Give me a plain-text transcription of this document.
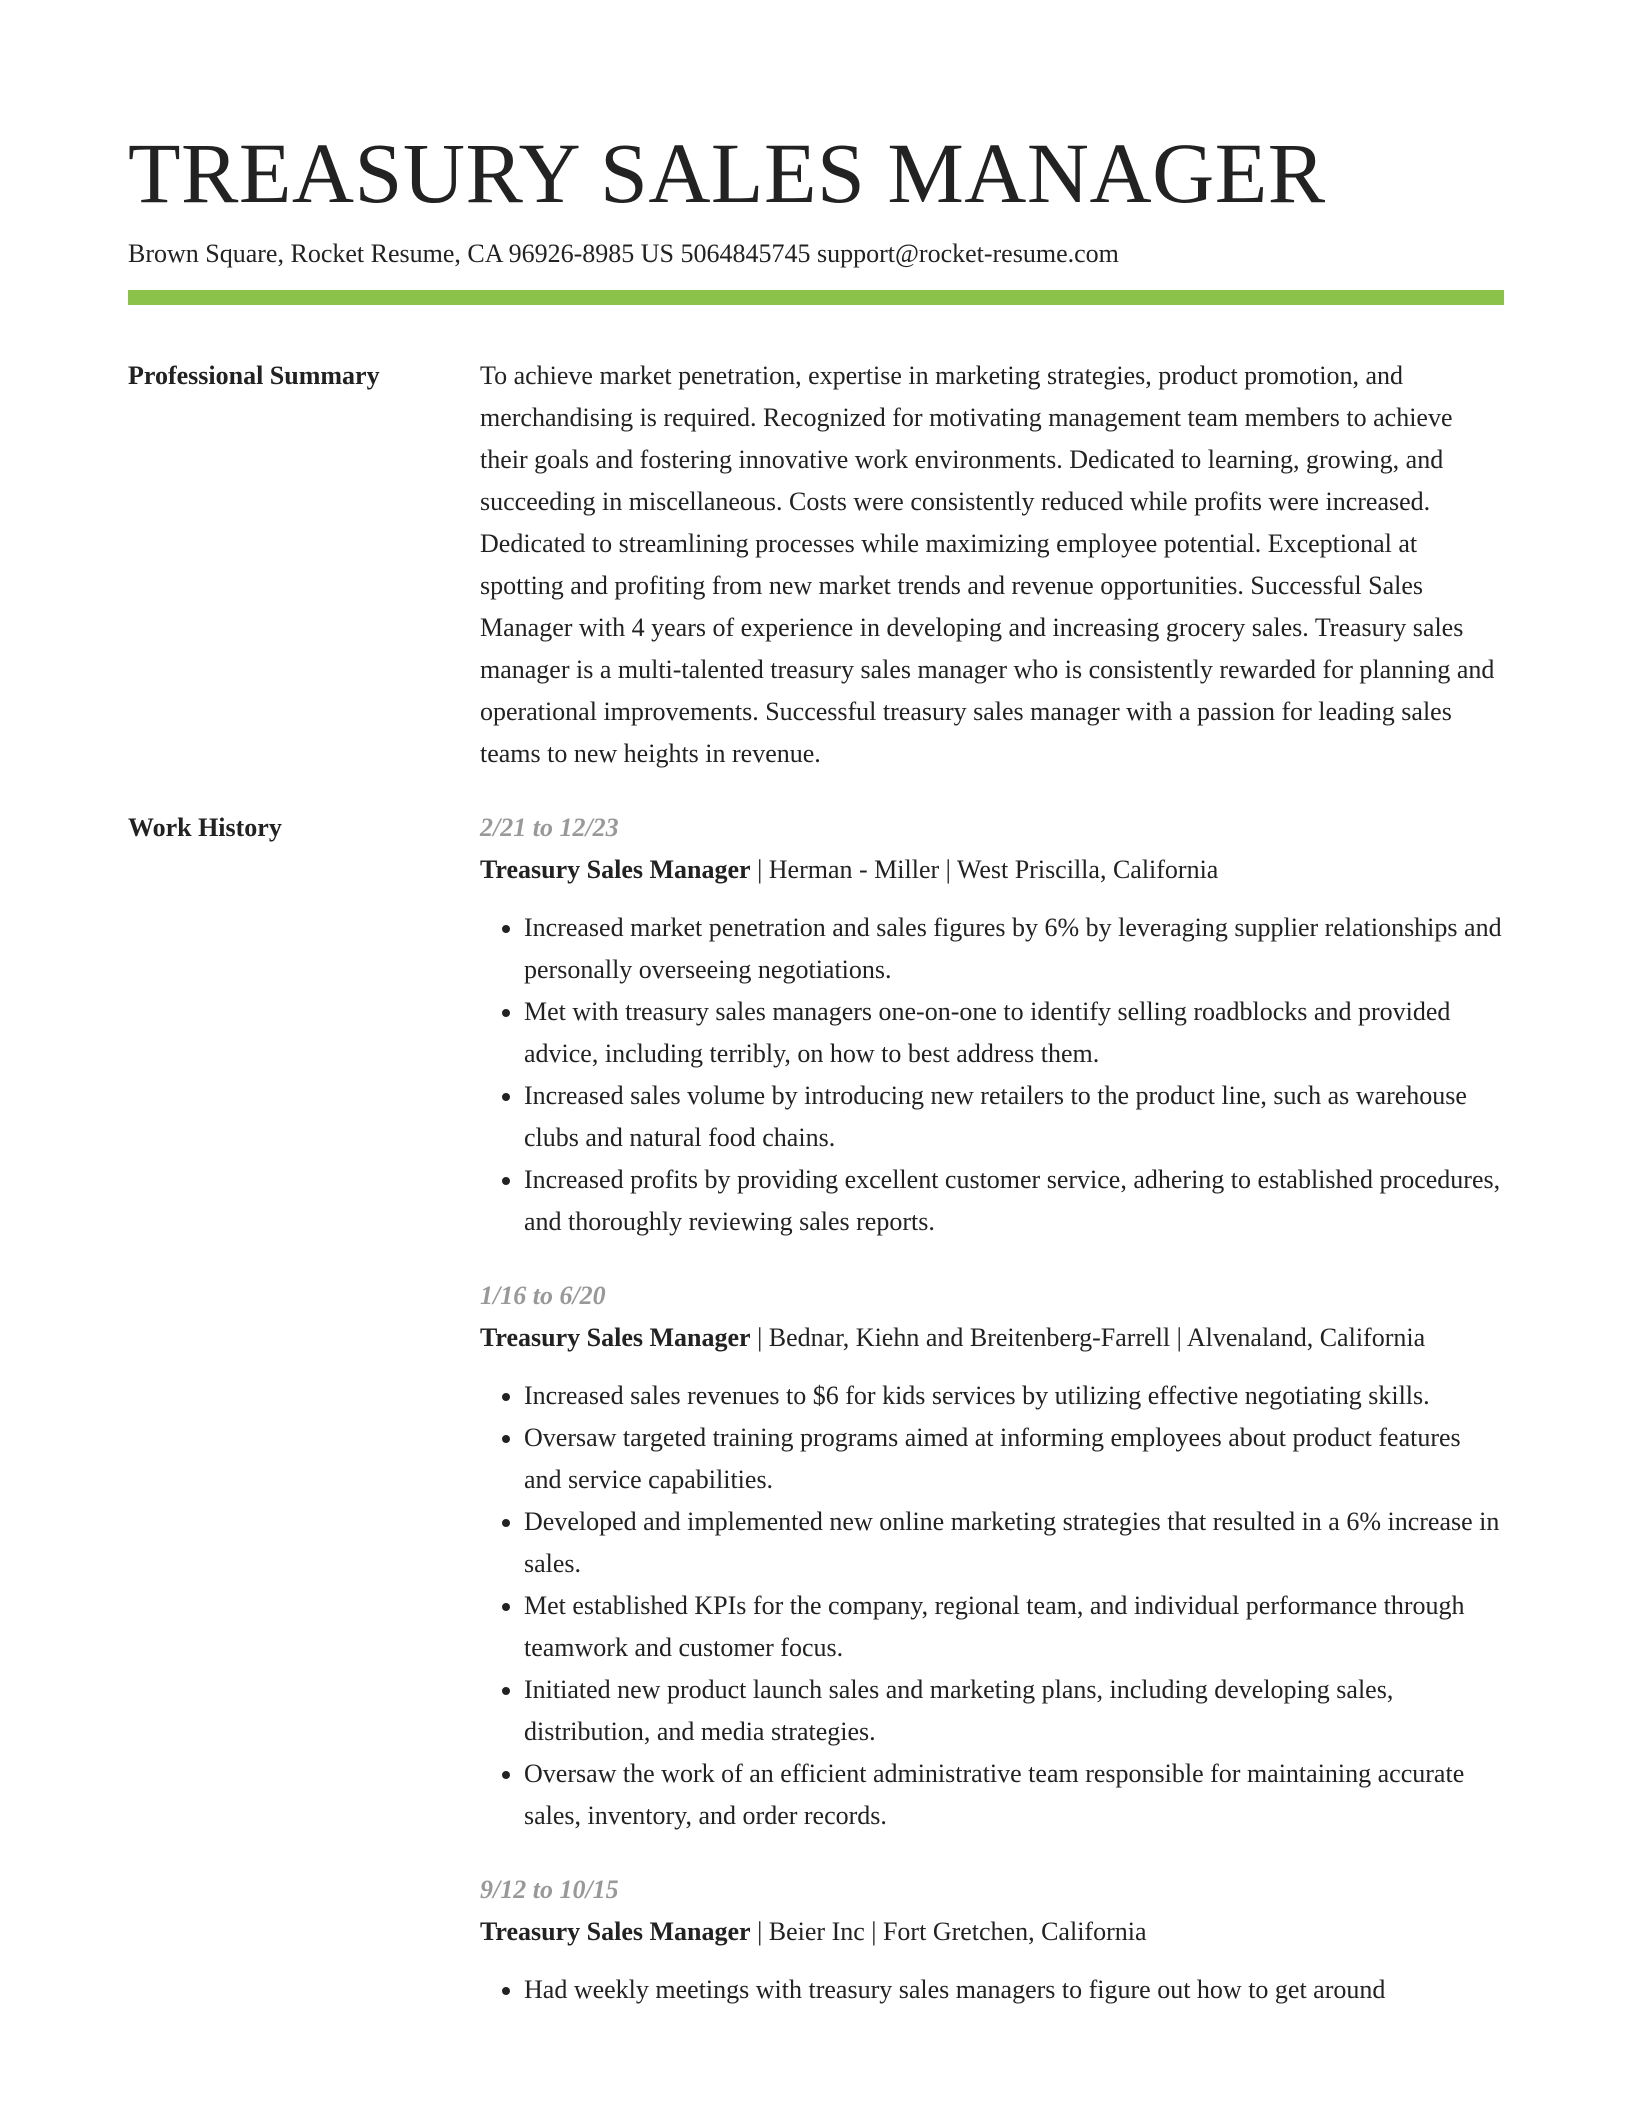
TREASURY SALES MANAGER
Brown Square, Rocket Resume, CA 96926-8985 US 5064845745 support@rocket-resume.com
Professional Summary	To achieve market penetration, expertise in marketing strategies, product promotion, and merchandising is required. Recognized for motivating management team members to achieve their goals and fostering innovative work environments. Dedicated to learning, growing, and succeeding in miscellaneous. Costs were consistently reduced while profits were increased. Dedicated to streamlining processes while maximizing employee potential. Exceptional at spotting and profiting from new market trends and revenue opportunities. Successful Sales Manager with 4 years of experience in developing and increasing grocery sales. Treasury sales manager is a multi-talented treasury sales manager who is consistently rewarded for planning and operational improvements. Successful treasury sales manager with a passion for leading sales teams to new heights in revenue.

Work History	2/21 to 12/23
Treasury Sales Manager | Herman - Miller | West Priscilla, California
• Increased market penetration and sales figures by 6% by leveraging supplier relationships and personally overseeing negotiations.
• Met with treasury sales managers one-on-one to identify selling roadblocks and provided advice, including terribly, on how to best address them.
• Increased sales volume by introducing new retailers to the product line, such as warehouse clubs and natural food chains.
• Increased profits by providing excellent customer service, adhering to established procedures, and thoroughly reviewing sales reports.
1/16 to 6/20
Treasury Sales Manager | Bednar, Kiehn and Breitenberg-Farrell | Alvenaland, California
• Increased sales revenues to $6 for kids services by utilizing effective negotiating skills.
• Oversaw targeted training programs aimed at informing employees about product features and service capabilities.
• Developed and implemented new online marketing strategies that resulted in a 6% increase in sales.
• Met established KPIs for the company, regional team, and individual performance through teamwork and customer focus.
• Initiated new product launch sales and marketing plans, including developing sales, distribution, and media strategies.
• Oversaw the work of an efficient administrative team responsible for maintaining accurate sales, inventory, and order records.
9/12 to 10/15
Treasury Sales Manager | Beier Inc | Fort Gretchen, California
• Had weekly meetings with treasury sales managers to figure out how to get around
